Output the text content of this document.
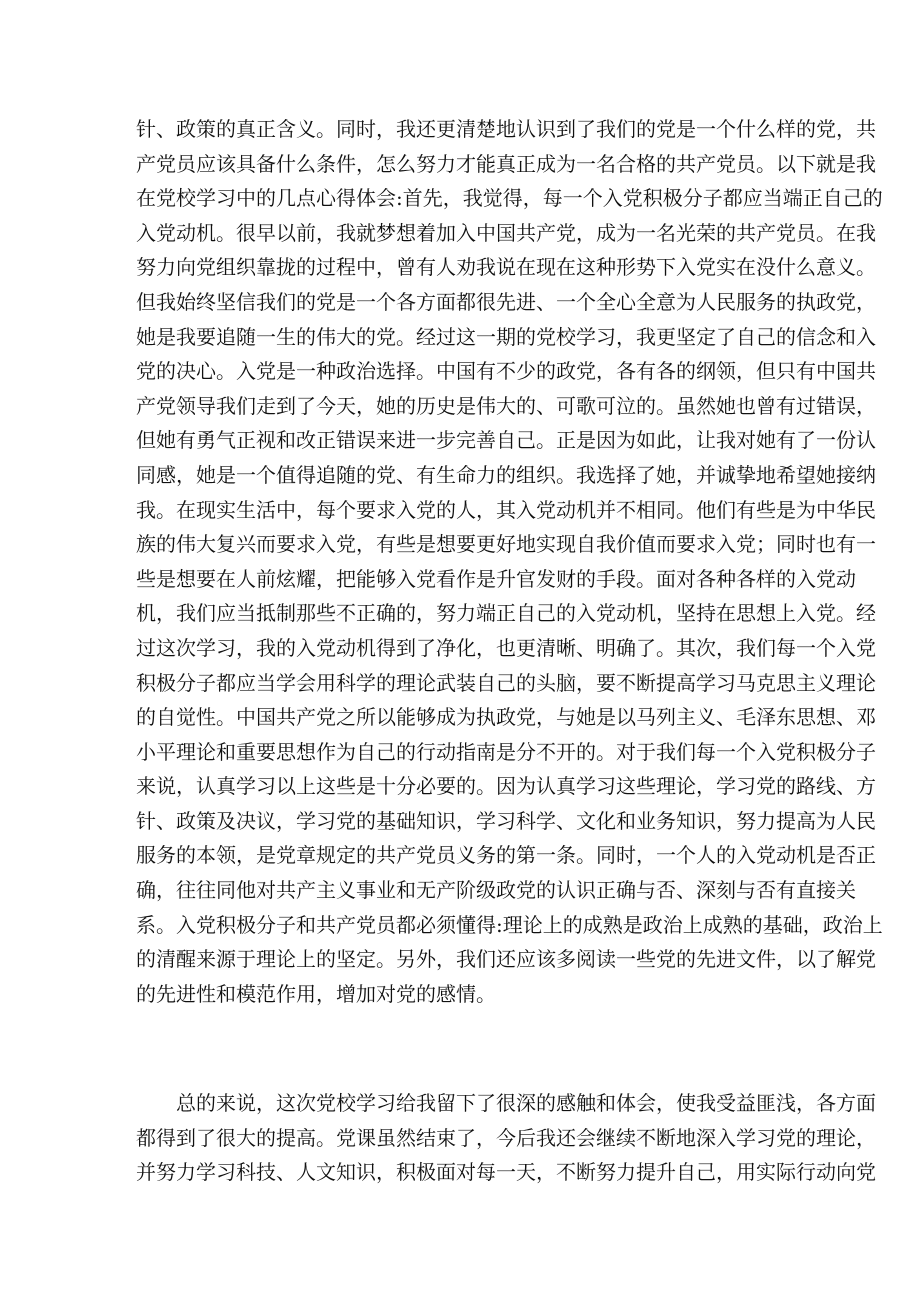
针、政策的真正含义。同时，我还更清楚地认识到了我们的党是一个什么样的党，共
产党员应该具备什么条件，怎么努力才能真正成为一名合格的共产党员。以下就是我
在党校学习中的几点心得体会:首先，我觉得，每一个入党积极分子都应当端正自己的
入党动机。很早以前，我就梦想着加入中国共产党，成为一名光荣的共产党员。在我
努力向党组织靠拢的过程中，曾有人劝我说在现在这种形势下入党实在没什么意义。
但我始终坚信我们的党是一个各方面都很先进、一个全心全意为人民服务的执政党，
她是我要追随一生的伟大的党。经过这一期的党校学习，我更坚定了自己的信念和入
党的决心。入党是一种政治选择。中国有不少的政党，各有各的纲领，但只有中国共
产党领导我们走到了今天，她的历史是伟大的、可歌可泣的。虽然她也曾有过错误，
但她有勇气正视和改正错误来进一步完善自己。正是因为如此，让我对她有了一份认
同感，她是一个值得追随的党、有生命力的组织。我选择了她，并诚挚地希望她接纳
我。在现实生活中，每个要求入党的人，其入党动机并不相同。他们有些是为中华民
族的伟大复兴而要求入党，有些是想要更好地实现自我价值而要求入党；同时也有一
些是想要在人前炫耀，把能够入党看作是升官发财的手段。面对各种各样的入党动
机，我们应当抵制那些不正确的，努力端正自己的入党动机，坚持在思想上入党。经
过这次学习，我的入党动机得到了净化，也更清晰、明确了。其次，我们每一个入党
积极分子都应当学会用科学的理论武装自己的头脑，要不断提高学习马克思主义理论
的自觉性。中国共产党之所以能够成为执政党，与她是以马列主义、毛泽东思想、邓
小平理论和重要思想作为自己的行动指南是分不开的。对于我们每一个入党积极分子
来说，认真学习以上这些是十分必要的。因为认真学习这些理论，学习党的路线、方
针、政策及决议，学习党的基础知识，学习科学、文化和业务知识，努力提高为人民
服务的本领，是党章规定的共产党员义务的第一条。同时，一个人的入党动机是否正
确，往往同他对共产主义事业和无产阶级政党的认识正确与否、深刻与否有直接关
系。入党积极分子和共产党员都必须懂得:理论上的成熟是政治上成熟的基础，政治上
的清醒来源于理论上的坚定。另外，我们还应该多阅读一些党的先进文件，以了解党
的先进性和模范作用，增加对党的感情。
总的来说，这次党校学习给我留下了很深的感触和体会，使我受益匪浅，各方面
都得到了很大的提高。党课虽然结束了，今后我还会继续不断地深入学习党的理论，
并努力学习科技、人文知识，积极面对每一天，不断努力提升自己，用实际行动向党
